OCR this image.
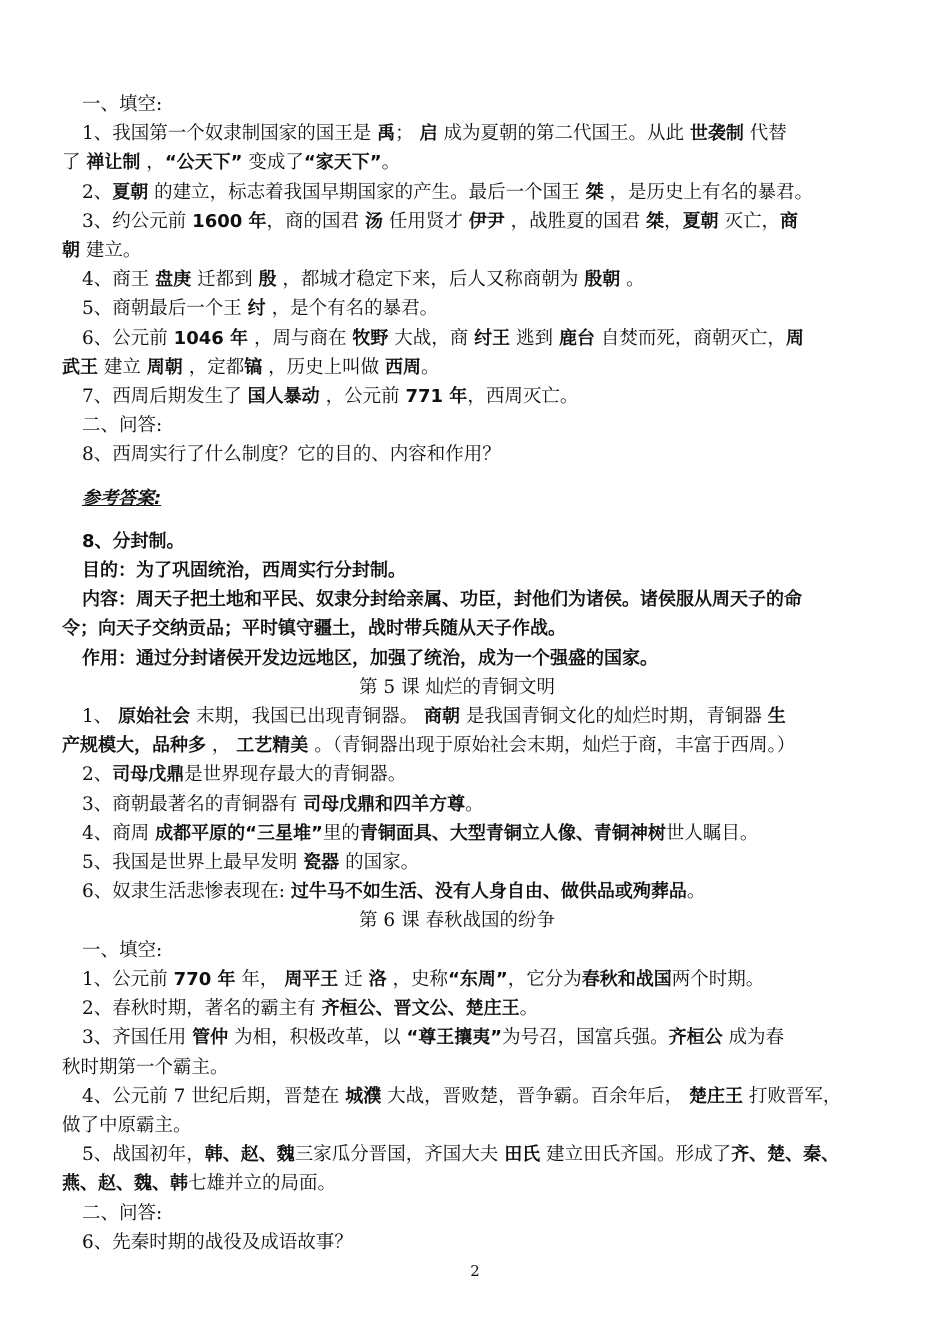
一、填空:
1、我国第一个奴隶制国家的国王是 禹； 启 成为夏朝的第二代国王。从此 世袭制 代替
了 禅让制 ，“公天下” 变成了“家天下”。
2、夏朝 的建立，标志着我国早期国家的产生。最后一个国王 桀 ，是历史上有名的暴君。
3、约公元前 1600 年，商的国君 汤 任用贤才 伊尹 ，战胜夏的国君 桀，夏朝 灭亡，商
朝 建立。
4、商王 盘庚 迁都到 殷 ，都城才稳定下来，后人又称商朝为 殷朝 。
5、商朝最后一个王 纣 ，是个有名的暴君。
6、公元前 1046 年 ，周与商在 牧野 大战，商 纣王 逃到 鹿台 自焚而死，商朝灭亡，周
武王 建立 周朝 ，定都镐 ，历史上叫做 西周。
7、西周后期发生了 国人暴动 ，公元前 771 年，西周灭亡。
二、问答:
8、西周实行了什么制度？它的目的、内容和作用？
参考答案:
8、分封制。
目的：为了巩固统治，西周实行分封制。
内容：周天子把土地和平民、奴隶分封给亲属、功臣，封他们为诸侯。诸侯服从周天子的命
令；向天子交纳贡品；平时镇守疆土，战时带兵随从天子作战。
作用：通过分封诸侯开发边远地区，加强了统治，成为一个强盛的国家。
第 5 课 灿烂的青铜文明
1、 原始社会 末期，我国已出现青铜器。 商朝 是我国青铜文化的灿烂时期，青铜器 生
产规模大，品种多 ， 工艺精美 。（青铜器出现于原始社会末期，灿烂于商，丰富于西周。）
2、司母戊鼎是世界现存最大的青铜器。
3、商朝最著名的青铜器有 司母戊鼎和四羊方尊。
4、商周 成都平原的“三星堆”里的青铜面具、大型青铜立人像、青铜神树世人瞩目。
5、我国是世界上最早发明 瓷器 的国家。
6、奴隶生活悲惨表现在: 过牛马不如生活、没有人身自由、做供品或殉葬品。
第 6 课 春秋战国的纷争
一、填空:
1、公元前 770 年 年， 周平王 迁 洛 ，史称“东周”，它分为春秋和战国两个时期。
2、春秋时期，著名的霸主有 齐桓公、晋文公、楚庄王。
3、齐国任用 管仲 为相，积极改革，以 “尊王攘夷”为号召，国富兵强。齐桓公 成为春
秋时期第一个霸主。
4、公元前 7 世纪后期，晋楚在 城濮 大战，晋败楚，晋争霸。百余年后， 楚庄王 打败晋军，
做了中原霸主。
5、战国初年，韩、赵、魏三家瓜分晋国，齐国大夫 田氏 建立田氏齐国。形成了齐、楚、秦、
燕、赵、魏、韩七雄并立的局面。
二、问答:
6、先秦时期的战役及成语故事？
2
